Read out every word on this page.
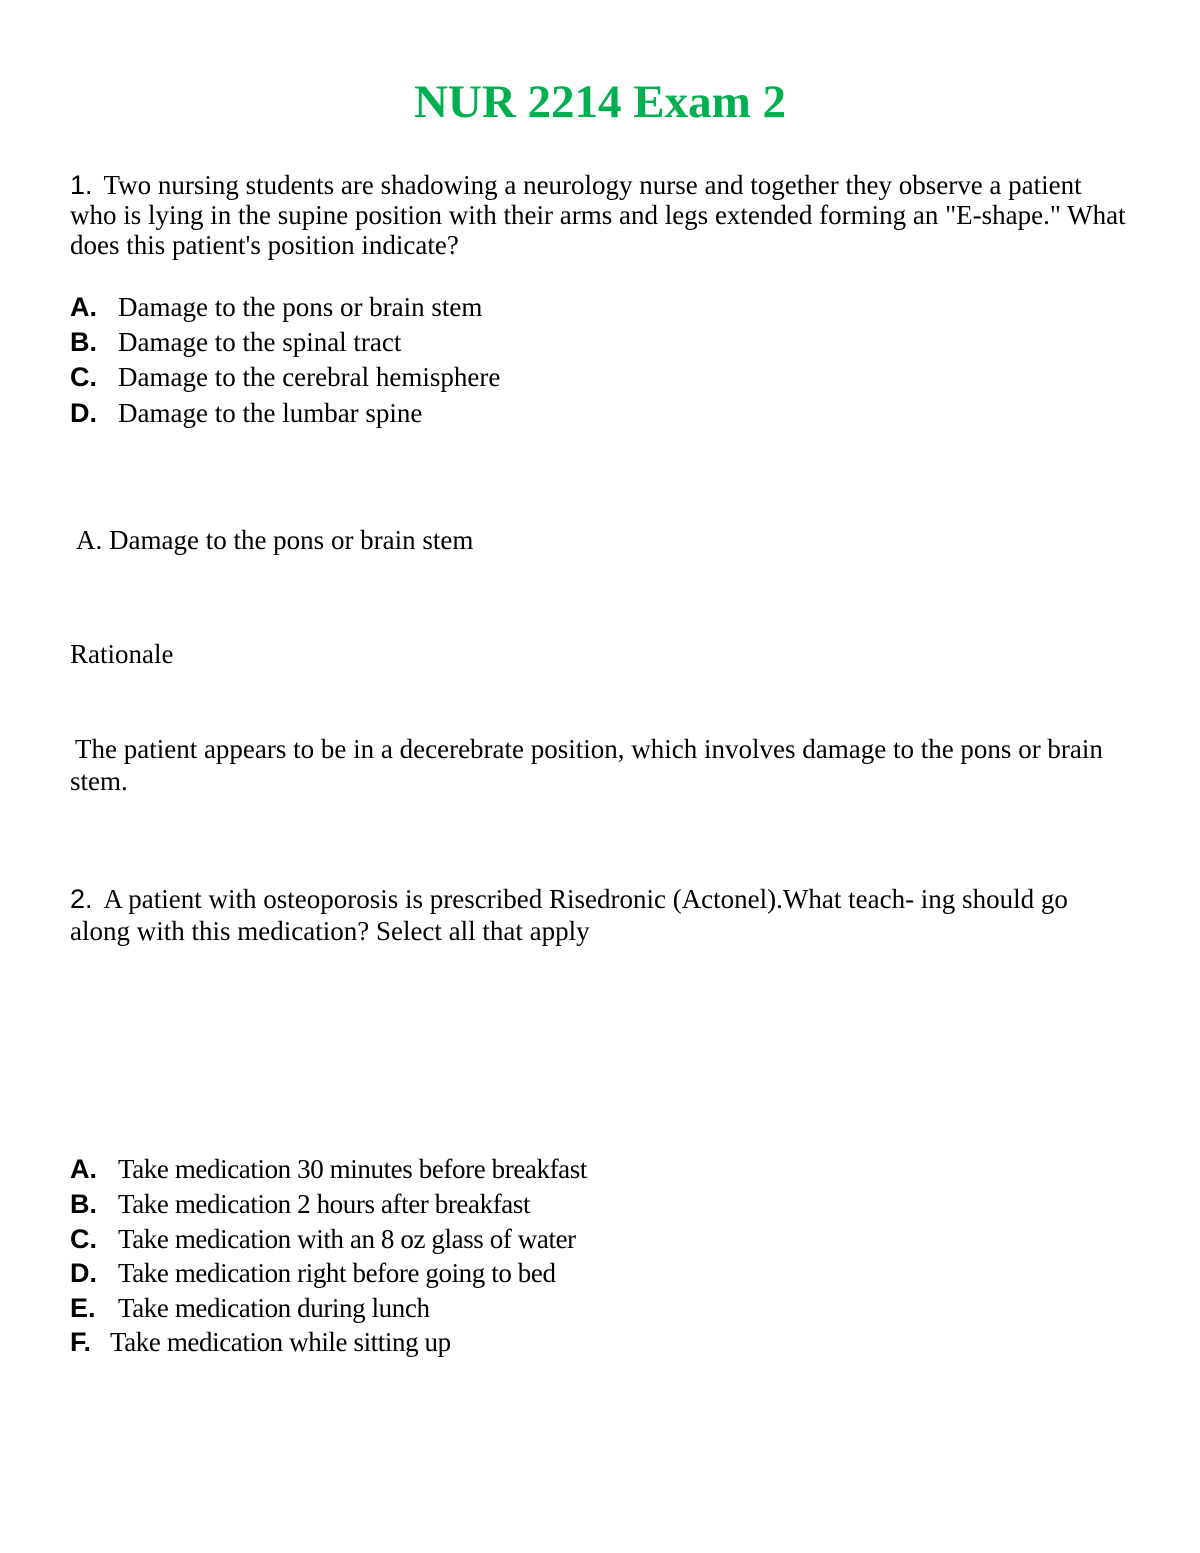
NUR 2214 Exam 2

1. Two nursing students are shadowing a neurology nurse and together they observe a patient who is lying in the supine position with their arms and legs extended forming an "E-shape." What does this patient's position indicate?

A. Damage to the pons or brain stem

B. Damage to the spinal tract

C. Damage to the cerebral hemisphere

D. Damage to the lumbar spine

A. Damage to the pons or brain stem

Rationale

The patient appears to be in a decerebrate position, which involves damage to the pons or brain stem.

2. A patient with osteoporosis is prescribed Risedronic (Actonel).What teach- ing should go along with this medication? Select all that apply

A. Take medication 30 minutes before breakfast

B. Take medication 2 hours after breakfast

C. Take medication with an 8 oz glass of water

D. Take medication right before going to bed

E. Take medication during lunch

F. Take medication while sitting up
